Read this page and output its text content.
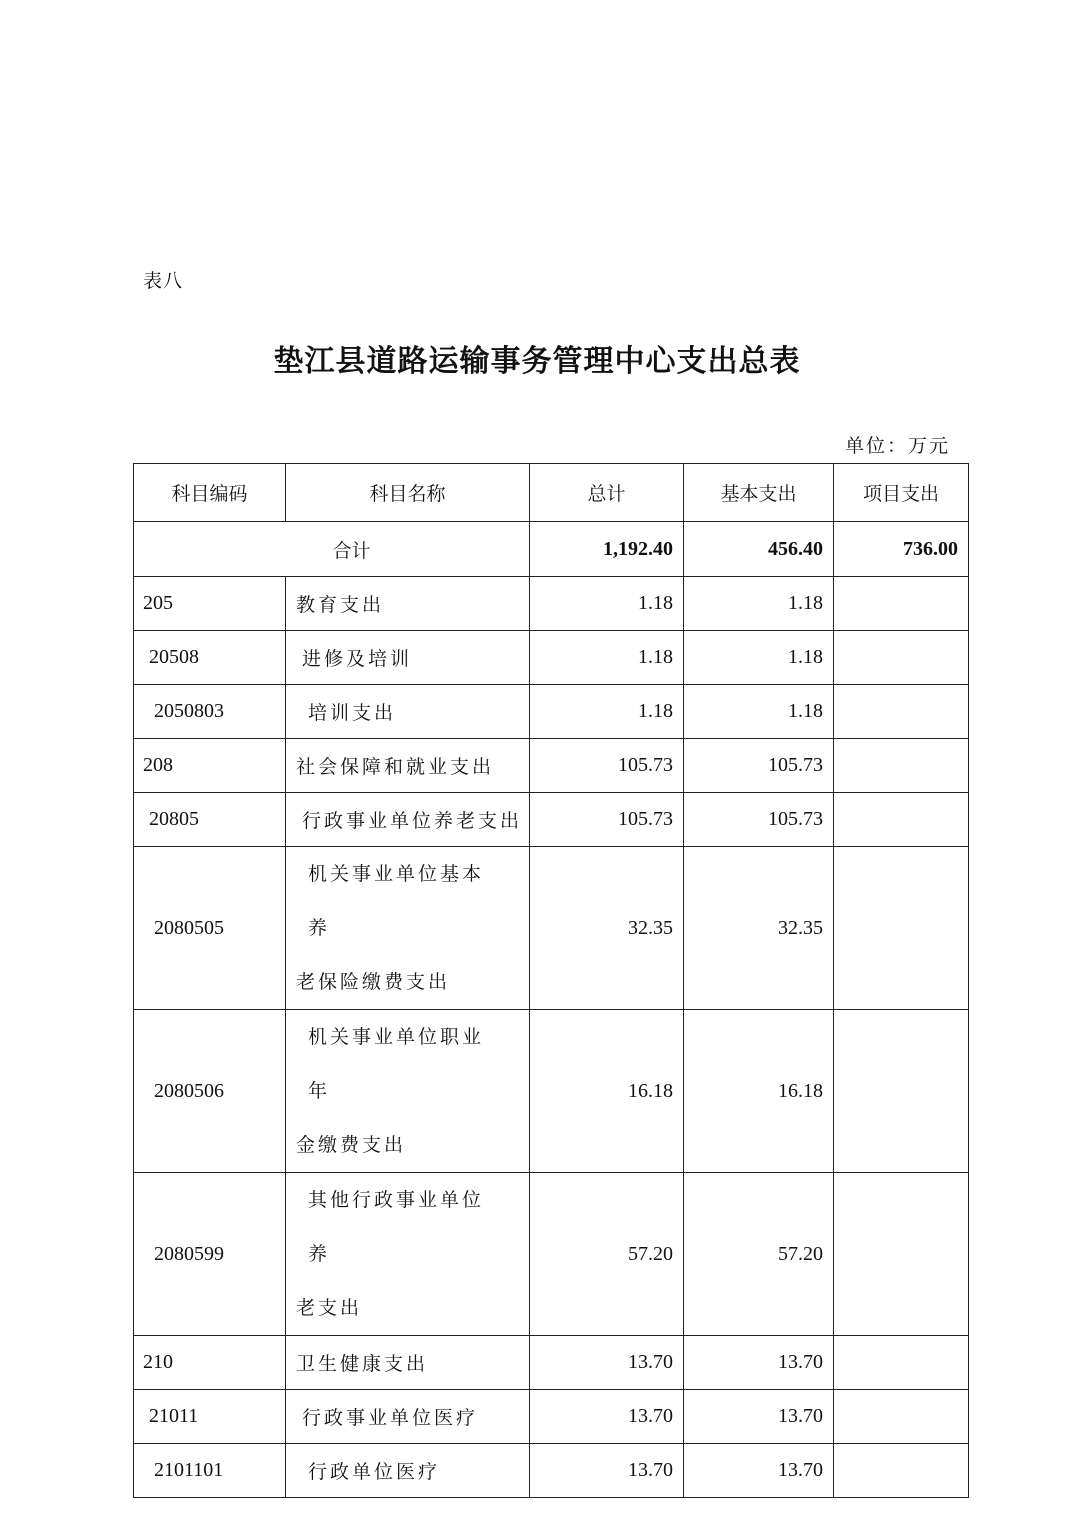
表八
垫江县道路运输事务管理中心支出总表
单位：万元
科目编码	科目名称	总计	基本支出	项目支出
合计		1,192.40	456.40	736.00
205	教育支出	1.18	1.18	
20508	进修及培训	1.18	1.18	
2050803	培训支出	1.18	1.18	
208	社会保障和就业支出	105.73	105.73	
20805	行政事业单位养老支出	105.73	105.73	
2080505	机关事业单位基本养
老保险缴费支出	32.35	32.35	
2080506	机关事业单位职业年
金缴费支出	16.18	16.18	
2080599	其他行政事业单位养
老支出	57.20	57.20	
210	卫生健康支出	13.70	13.70	
21011	行政事业单位医疗	13.70	13.70	
2101101	行政单位医疗	13.70	13.70	
